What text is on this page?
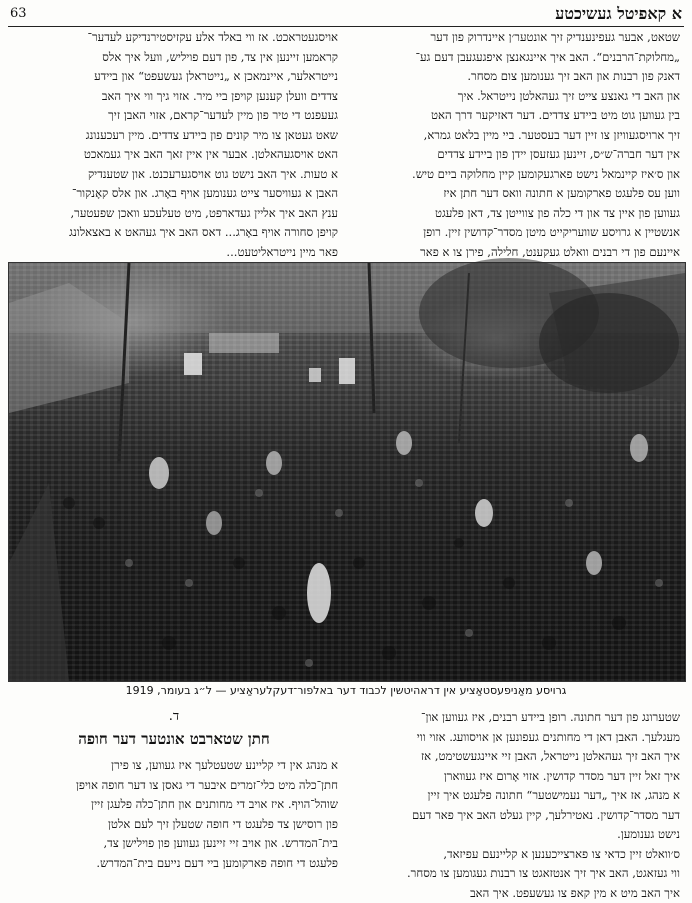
63	א קאפיטל געשיכטע
שטאט, אבער געפינענדיק זיך אונטער׳ן איינדרוק פון דער
„מחלוקת־הרבנים“. האב איך איינגאנצן איפגעגעבן דעם גע־
דאנק פון רבנות און האב זיך גענומען צום מסחר.
און האב די גאנצע צייט זיך געהאלטן נייטראל. איך
בין געווען גוט מיט ביידע צדדים. דער דאזיקער דרך האט
זיך ארויסגעוויזן צו זיין דער בעסטער. ביי מיין בלאט גמרא,
אין דער חברה־ש״ס, זיינען געזעסן יידן פון ביידע צדדים
און ס׳איז קיינמאל נישט פארגעקומען קיין מחלוקה ביים טיש.
ווען עס פלעגט פארקומען א חתונה וואס דער חתן איז
געווען פון איין צד און די כלה פון צווייטן צד, דאן פלעגט
אנשטיין א גרויסע שוועריקייט מיטן מסדר־קדושין זיין. רופן
איינעם פון די רבנים וואלט געקענט, חלילה, פירן צו א פאר
אויסגעטראכט. אז ווי באלד אלע עקזיסטירנדיקע לעדער־
קראמען זיינען אין צד, פון דעם פויליש, וועל איך אלס
נייטראלער, איינמאכן א „נייטראלן געשעפט“ און ביידע
צדדים וועלן קענען קויפן ביי מיר. אזוי גיך ווי איך האב
געעפנט די טיר פון מיין לעדער־קראם, אזוי האבן זיך
שאט געטאן צו מיר קונים פון ביידע צדדים. מיין רעכענונג
האט אויסגעהאלטן. אבער אין איין זאך האב איך געמאכט
א טעות. איך האב נישט גוט אויסגערעכנט. און שטענדיק
האבן א געוויסער צייט גענומען אויף באָרג. און אלס קאָנקור־
ענץ האב איך אליין געדארפט, מיט טעלעכע וואכן שפעטער,
קויפן סחורה אויף באָרג... דאס האב איך געהאט א באצאלונג
פאר מיין נייטראליטעט...
גרויסע מאַניפעסטאַציע אין דראהיטשין לכבוד דער באלפור־דעקלעראַציע — ל״ג בעומר, 1919
שטערונג פון דער חתונה. רופן ביידע רבנים, איז געווען און־
מעגלעך. האבן דאן די מחותנים געפונען אן אויסוועג. אזוי ווי
איך האב זיך געהאלטן נייטראל, האבן זיי איינגעשטימט, אז
איך זאל זיין דער מסדר קדושין. אזוי אָרום איז געווארן
א מנהג, אז איך „דער נעמישטער“ חתונה פלעגט איך זיין
דער מסדר־קדושין. נאטירלעך, קיין געלט האב איך פאר דעם
נישט גענומען.
ס׳וואלט זיין כדאי צו פארצייכענען א קליינעם עפיזאד,
ווי געזאגט, האב איך זיך אנטזאגט צו רבנות געגומען צו מסחר.
איך האב מיט א מין קאפ צו געשעפט. איך האב
ד.
חתן שטארבט אונטער דער חופה
א מנהג אין די קליינע שטעטלעך איז געווען, צו פירן
חתן־כלה מיט כלי־זמרים איבער די גאסן צו דער חופה אויפן
שוהל־הויף. איז אויב די מחותנים און חתן־כלה פלעגן זיין
פון רוסישן צד פלעגט די חופה שטעלן זיך לעם אלטן
בית־המדרש. און אויב זיי זיינען געווען פון פוילישן צד,
פלעגט די חופה פארקומען ביי דעם נייעם בית־המדרש.
